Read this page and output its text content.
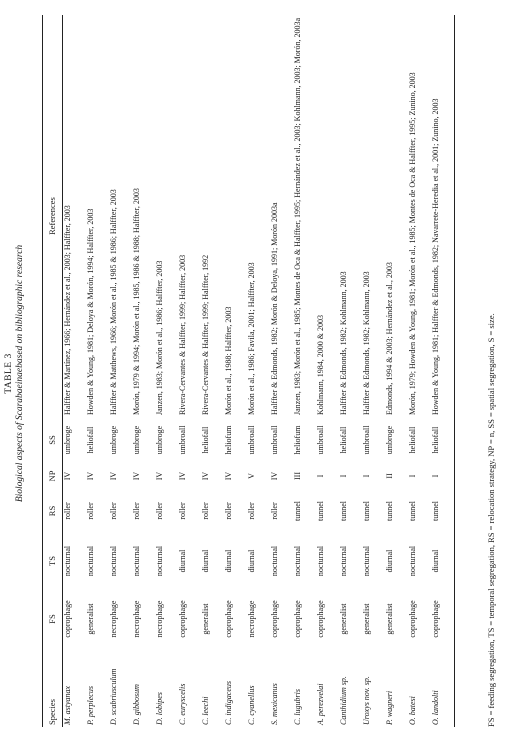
TABLE 3 Biological aspects of Scarabaeinaebased on bibliographic research
Species	FS	TS	RS	NP	SS	References
M. astyanax	coprophage	nocturnal	roller	IV	umbroge	Halffter & Martínez, 1966; Hernández et al., 2003; Halffter, 2003
P. perplecus	generalist	nocturnal	roller	IV	heliofall	Howden & Young, 1981; Deloya & Morón, 1994; Halffter, 2003
D. scabriusculum	necrophage	nocturnal	roller	IV	umbroge	Halffter & Matthews, 1966; Morón et al., 1985 & 1986; Halffter, 2003
D. gibbosum	necrophage	nocturnal	roller	IV	umbroge	Morón, 1979 & 1994; Morón et al., 1985, 1986 & 1988; Halffter, 2003
D. lobipes	necrophage	nocturnal	roller	IV	umbroge	Janzen, 1983; Morón et al., 1986; Halffter, 2003
C. euryscelis	coprophage	diurnal	roller	IV	umbroall	Rivera-Cervantes & Halffter, 1999; Halffter, 2003
C. leechi	generalist	diurnal	roller	IV	heliofall	Rivera-Cervantes & Halffter, 1999; Halffter, 1992
C. indigaceus	coprophage	diurnal	roller	IV	heliofum	Morón et al., 1988; Halffter, 2003
C. cyanellus	necrophage	diurnal	roller	V	umbroall	Morón et al., 1986; Favila, 2001; Halffter, 2003
S. mexicanus	coprophage	nocturnal	roller	IV	umbroall	Halffter & Edmonds, 1982; Morón & Deloya, 1991; Morón 2003a
C. lugubris	coprophage	nocturnal	tunnel	III	heliofum	Janzen, 1983; Morón et al., 1985; Montes de Oca & Halffter, 1995; Hernández et al., 2003; Kohlmann, 2003; Morón, 2003a
A. perezvelai	coprophage	nocturnal	tunnel	I	umbroall	Kohlmann, 1984, 2000 & 2003
Canthidium sp.	generalist	nocturnal	tunnel	I	heliofall	Halffter & Edmonds, 1982; Kohlmann, 2003
Uroxys nov. sp.	generalist	nocturnal	tunnel	I	umbroall	Halffter & Edmonds, 1982; Kohlmann, 2003
P. wagneri	generalist	diurnal	tunnel	II	umbroge	Edmonds, 1994 & 2003; Hernández et al., 2003
O. batesi	coprophage	nocturnal	tunnel	I	heliofall	Morón, 1979; Howden & Young, 1981; Morón et al., 1985; Montes de Oca & Halffter, 1995; Zunino, 2003
O. landolti	coprophage	diurnal	tunnel	I	heliofall	Howden & Young, 1981; Halffter & Edmonds, 1982; Navarrete-Heredia et al., 2001; Zunino, 2003
FS = feeding segregation, TS = temporal segregation, RS = relocation strategy, NP = n, SS = spatial segregation, S = size.
